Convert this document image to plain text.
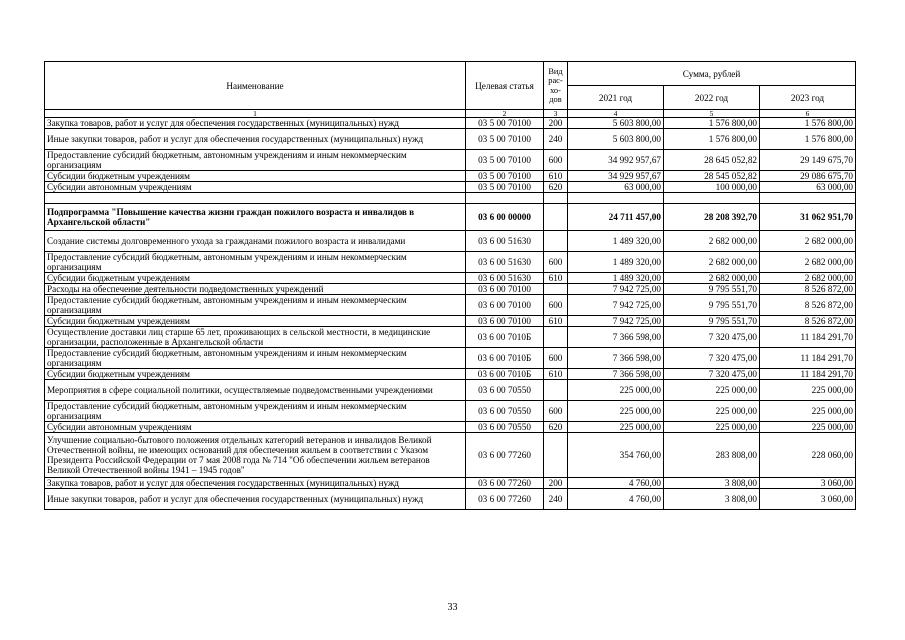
Наименование	Целевая статья	Вид рас-хо-дов	Сумма, рублей		
			2021 год	2022 год	2023 год
1	2	3	4	5	6
Закупка товаров, работ и услуг для обеспечения государственных (муниципальных) нужд	03 5 00 70100	200	5 603 800,00	1 576 800,00	1 576 800,00
Иные закупки товаров, работ и услуг для обеспечения государственных (муниципальных) нужд	03 5 00 70100	240	5 603 800,00	1 576 800,00	1 576 800,00
Предоставление субсидий бюджетным, автономным учреждениям и иным некоммерческим организациям	03 5 00 70100	600	34 992 957,67	28 645 052,82	29 149 675,70
Субсидии бюджетным учреждениям	03 5 00 70100	610	34 929 957,67	28 545 052,82	29 086 675,70
Субсидии автономным учреждениям	03 5 00 70100	620	63 000,00	100 000,00	63 000,00

Подпрограмма "Повышение качества жизни граждан пожилого возраста и инвалидов в Архангельской области"	03 6 00 00000		24 711 457,00	28 208 392,70	31 062 951,70
Создание системы долговременного ухода за гражданами пожилого возраста и инвалидами	03 6 00 51630		1 489 320,00	2 682 000,00	2 682 000,00
Предоставление субсидий бюджетным, автономным учреждениям и иным некоммерческим организациям	03 6 00 51630	600	1 489 320,00	2 682 000,00	2 682 000,00
Субсидии бюджетным учреждениям	03 6 00 51630	610	1 489 320,00	2 682 000,00	2 682 000,00
Расходы на обеспечение деятельности подведомственных учреждений	03 6 00 70100		7 942 725,00	9 795 551,70	8 526 872,00
Предоставление субсидий бюджетным, автономным учреждениям и иным некоммерческим организациям	03 6 00 70100	600	7 942 725,00	9 795 551,70	8 526 872,00
Субсидии бюджетным учреждениям	03 6 00 70100	610	7 942 725,00	9 795 551,70	8 526 872,00
Осуществление доставки лиц старше 65 лет, проживающих в сельской местности, в медицинские организации, расположенные в Архангельской области	03 6 00 7010Б		7 366 598,00	7 320 475,00	11 184 291,70
Предоставление субсидий бюджетным, автономным учреждениям и иным некоммерческим организациям	03 6 00 7010Б	600	7 366 598,00	7 320 475,00	11 184 291,70
Субсидии бюджетным учреждениям	03 6 00 7010Б	610	7 366 598,00	7 320 475,00	11 184 291,70
Мероприятия в сфере социальной политики, осуществляемые подведомственными учреждениями	03 6 00 70550		225 000,00	225 000,00	225 000,00
Предоставление субсидий бюджетным, автономным учреждениям и иным некоммерческим организациям	03 6 00 70550	600	225 000,00	225 000,00	225 000,00
Субсидии автономным учреждениям	03 6 00 70550	620	225 000,00	225 000,00	225 000,00
Улучшение социально-бытового положения отдельных категорий ветеранов и инвалидов Великой Отечественной войны, не имеющих оснований для обеспечения жильем в соответствии с Указом Президента Российской Федерации от 7 мая 2008 года № 714 "Об обеспечении жильем ветеранов Великой Отечественной войны 1941 – 1945 годов"	03 6 00 77260		354 760,00	283 808,00	228 060,00
Закупка товаров, работ и услуг для обеспечения государственных (муниципальных) нужд	03 6 00 77260	200	4 760,00	3 808,00	3 060,00
Иные закупки товаров, работ и услуг для обеспечения государственных (муниципальных) нужд	03 6 00 77260	240	4 760,00	3 808,00	3 060,00
33
